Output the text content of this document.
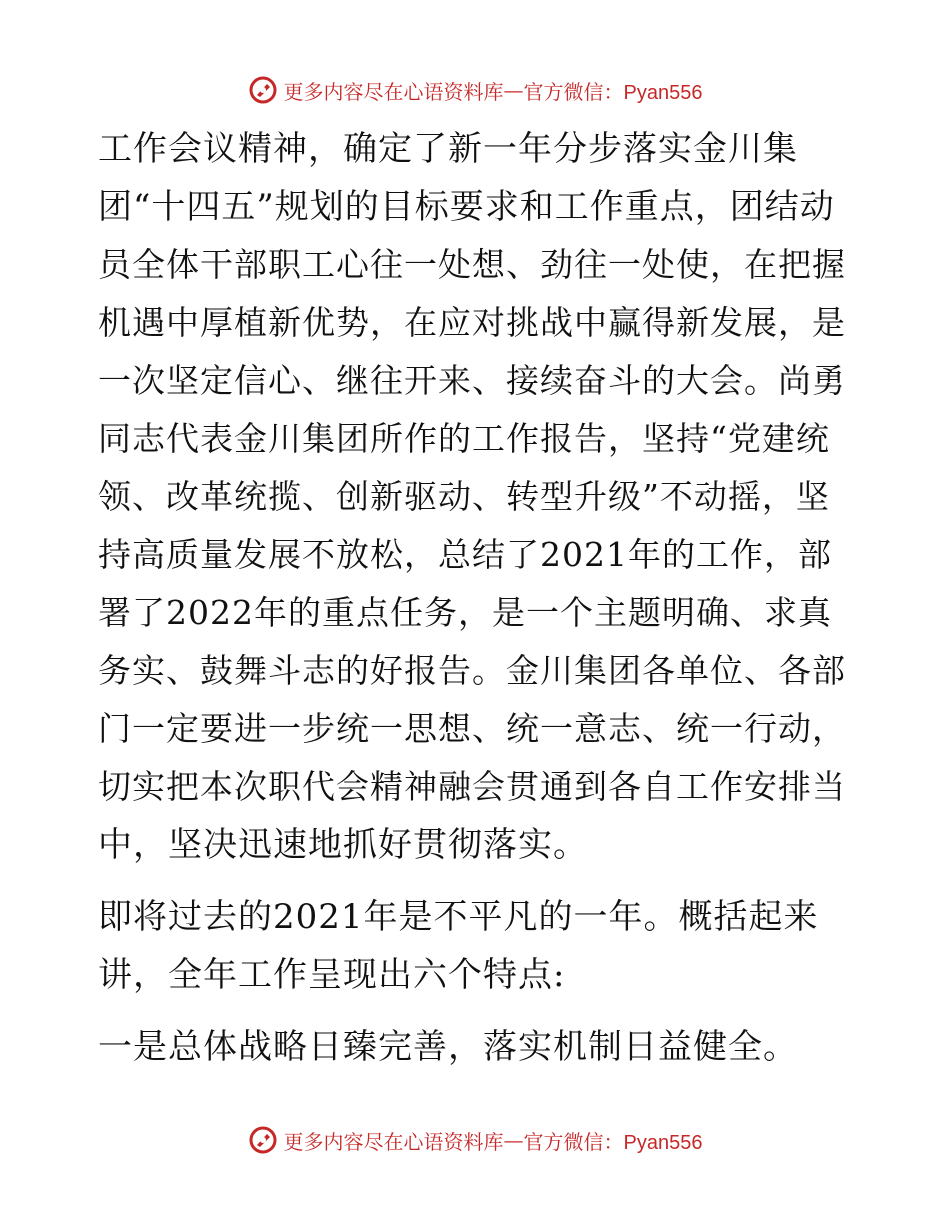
更多内容尽在心语资料库 — 官方微信：Pyan556
工作会议精神，确定了新一年分步落实金川集
团“十四五”规划的目标要求和工作重点，团结动
员全体干部职工心往一处想、劲往一处使，在把握
机遇中厚植新优势，在应对挑战中赢得新发展，是
一次坚定信心、继往开来、接续奋斗的大会。尚勇
同志代表金川集团所作的工作报告，坚持“党建统
领、改革统揽、创新驱动、转型升级”不动摇，坚
持高质量发展不放松，总结了2021年的工作，部
署了2022年的重点任务，是一个主题明确、求真
务实、鼓舞斗志的好报告。金川集团各单位、各部
门一定要进一步统一思想、统一意志、统一行动，
切实把本次职代会精神融会贯通到各自工作安排当
中，坚决迅速地抓好贯彻落实。
即将过去的2021年是不平凡的一年。概括起来
讲，全年工作呈现出六个特点:
一是总体战略日臻完善，落实机制日益健全。
更多内容尽在心语资料库 — 官方微信：Pyan556
